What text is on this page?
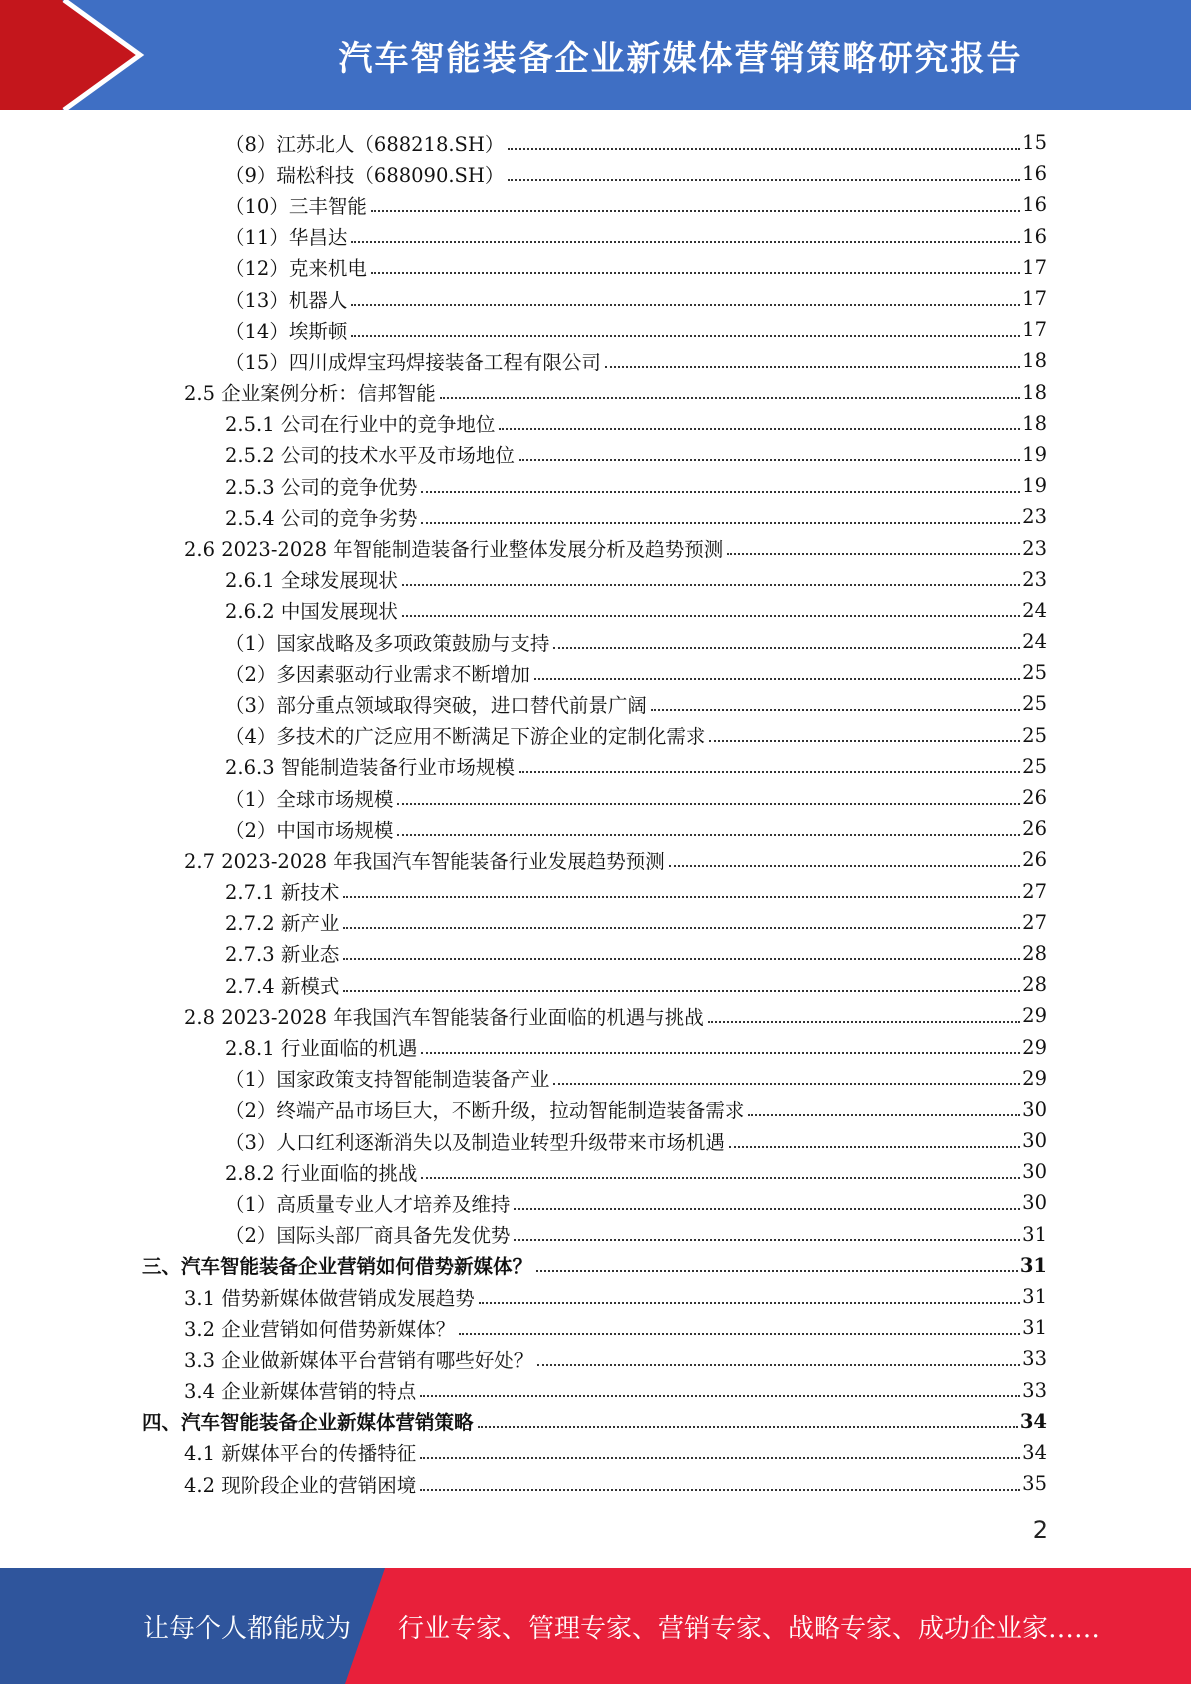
汽车智能装备企业新媒体营销策略研究报告
（8）江苏北人（688218.SH）	15
（9）瑞松科技（688090.SH）	16
（10）三丰智能	16
（11）华昌达	16
（12）克来机电	17
（13）机器人	17
（14）埃斯顿	17
（15）四川成焊宝玛焊接装备工程有限公司	18
2.5 企业案例分析：信邦智能	18
2.5.1 公司在行业中的竞争地位	18
2.5.2 公司的技术水平及市场地位	19
2.5.3 公司的竞争优势	19
2.5.4 公司的竞争劣势	23
2.6 2023-2028 年智能制造装备行业整体发展分析及趋势预测	23
2.6.1 全球发展现状	23
2.6.2 中国发展现状	24
（1）国家战略及多项政策鼓励与支持	24
（2）多因素驱动行业需求不断增加	25
（3）部分重点领域取得突破，进口替代前景广阔	25
（4）多技术的广泛应用不断满足下游企业的定制化需求	25
2.6.3 智能制造装备行业市场规模	25
（1）全球市场规模	26
（2）中国市场规模	26
2.7 2023-2028 年我国汽车智能装备行业发展趋势预测	26
2.7.1 新技术	27
2.7.2 新产业	27
2.7.3 新业态	28
2.7.4 新模式	28
2.8 2023-2028 年我国汽车智能装备行业面临的机遇与挑战	29
2.8.1 行业面临的机遇	29
（1）国家政策支持智能制造装备产业	29
（2）终端产品市场巨大，不断升级，拉动智能制造装备需求	30
（3）人口红利逐渐消失以及制造业转型升级带来市场机遇	30
2.8.2 行业面临的挑战	30
（1）高质量专业人才培养及维持	30
（2）国际头部厂商具备先发优势	31
三、汽车智能装备企业营销如何借势新媒体？	31
3.1 借势新媒体做营销成发展趋势	31
3.2 企业营销如何借势新媒体？	31
3.3 企业做新媒体平台营销有哪些好处？	33
3.4 企业新媒体营销的特点	33
四、汽车智能装备企业新媒体营销策略	34
4.1 新媒体平台的传播特征	34
4.2 现阶段企业的营销困境	35
2
让每个人都能成为 行业专家、管理专家、营销专家、战略专家、成功企业家……
